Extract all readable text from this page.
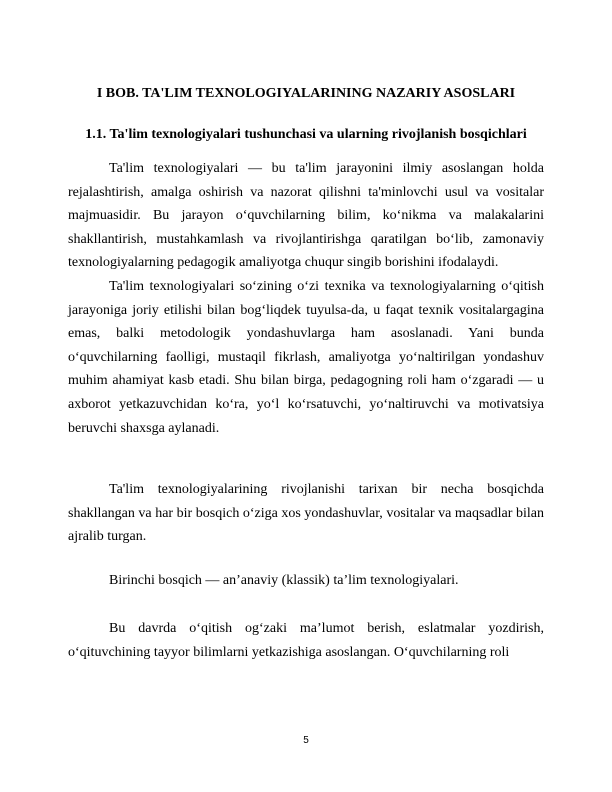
I BOB. TA'LIM TEXNOLOGIYALARINING NAZARIY ASOSLARI
1.1. Ta'lim texnologiyalari tushunchasi va ularning rivojlanish bosqichlari

Ta'lim texnologiyalari — bu ta'lim jarayonini ilmiy asoslangan holda rejalashtirish, amalga oshirish va nazorat qilishni ta'minlovchi usul va vositalar majmuasidir. Bu jarayon o‘quvchilarning bilim, ko‘nikma va malakalarini shakllantirish, mustahkamlash va rivojlantirishga qaratilgan bo‘lib, zamonaviy texnologiyalarning pedagogik amaliyotga chuqur singib borishini ifodalaydi.

Ta'lim texnologiyalari so‘zining o‘zi texnika va texnologiyalarning o‘qitish jarayoniga joriy etilishi bilan bog‘liqdek tuyulsa-da, u faqat texnik vositalargagina emas, balki metodologik yondashuvlarga ham asoslanadi. Yani bunda o‘quvchilarning faolligi, mustaqil fikrlash, amaliyotga yo‘naltirilgan yondashuv muhim ahamiyat kasb etadi. Shu bilan birga, pedagogning roli ham o‘zgaradi — u axborot yetkazuvchidan ko‘ra, yo‘l ko‘rsatuvchi, yo‘naltiruvchi va motivatsiya beruvchi shaxsga aylanadi.

Ta'lim texnologiyalarining rivojlanishi tarixan bir necha bosqichda shakllangan va har bir bosqich o‘ziga xos yondashuvlar, vositalar va maqsadlar bilan ajralib turgan.

Birinchi bosqich — an’anaviy (klassik) ta’lim texnologiyalari.

Bu davrda o‘qitish og‘zaki ma’lumot berish, eslatmalar yozdirish, o‘qituvchining tayyor bilimlarni yetkazishiga asoslangan. O‘quvchilarning roli

5
